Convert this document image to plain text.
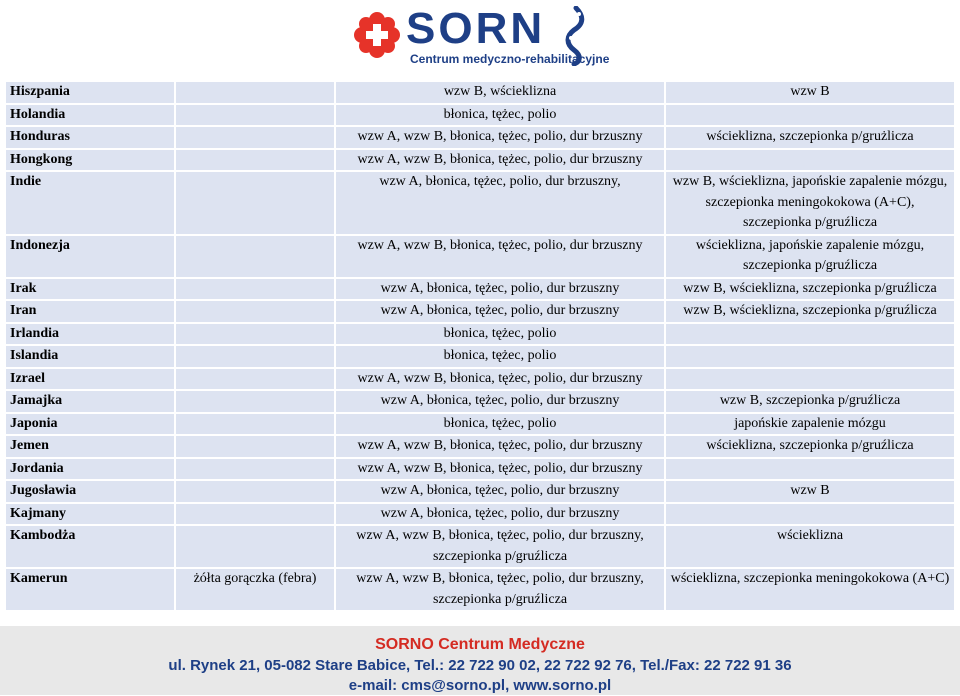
SORN
Centrum medyczno-rehabilitacyjne
Hiszpania		wzw B, wścieklizna	wzw B
Holandia		błonica, tężec, polio	
Honduras		wzw A, wzw B, błonica, tężec, polio, dur brzuszny	wścieklizna, szczepionka p/grużlicza
Hongkong		wzw A, wzw B, błonica, tężec, polio, dur brzuszny	
Indie		wzw A, błonica, tężec, polio, dur brzuszny,	wzw B, wścieklizna, japońskie zapalenie mózgu, szczepionka meningokokowa (A+C), szczepionka p/gruźlicza
Indonezja		wzw A, wzw B, błonica, tężec, polio, dur brzuszny	wścieklizna, japońskie zapalenie mózgu, szczepionka p/gruźlicza
Irak		wzw A, błonica, tężec, polio, dur brzuszny	wzw B, wścieklizna, szczepionka p/gruźlicza
Iran		wzw A, błonica, tężec, polio, dur brzuszny	wzw B, wścieklizna, szczepionka p/gruźlicza
Irlandia		błonica, tężec, polio	
Islandia		błonica, tężec, polio	
Izrael		wzw A, wzw B, błonica, tężec, polio, dur brzuszny	
Jamajka		wzw A, błonica, tężec, polio, dur brzuszny	wzw B, szczepionka p/gruźlicza
Japonia		błonica, tężec, polio	japońskie zapalenie mózgu
Jemen		wzw A, wzw B, błonica, tężec, polio, dur brzuszny	wścieklizna, szczepionka p/gruźlicza
Jordania		wzw A, wzw B, błonica, tężec, polio, dur brzuszny	
Jugosławia		wzw A, błonica, tężec, polio, dur brzuszny	wzw B
Kajmany		wzw A, błonica, tężec, polio, dur brzuszny	
Kambodża		wzw A, wzw B, błonica, tężec, polio, dur brzuszny, szczepionka p/gruźlicza	wścieklizna
Kamerun	żółta gorączka (febra)	wzw A, wzw B, błonica, tężec, polio, dur brzuszny, szczepionka p/gruźlicza	wścieklizna, szczepionka meningokokowa (A+C)
SORNO Centrum Medyczne
ul. Rynek 21, 05-082 Stare Babice, Tel.: 22 722 90 02, 22 722 92 76, Tel./Fax: 22 722 91 36
e-mail: cms@sorno.pl, www.sorno.pl
